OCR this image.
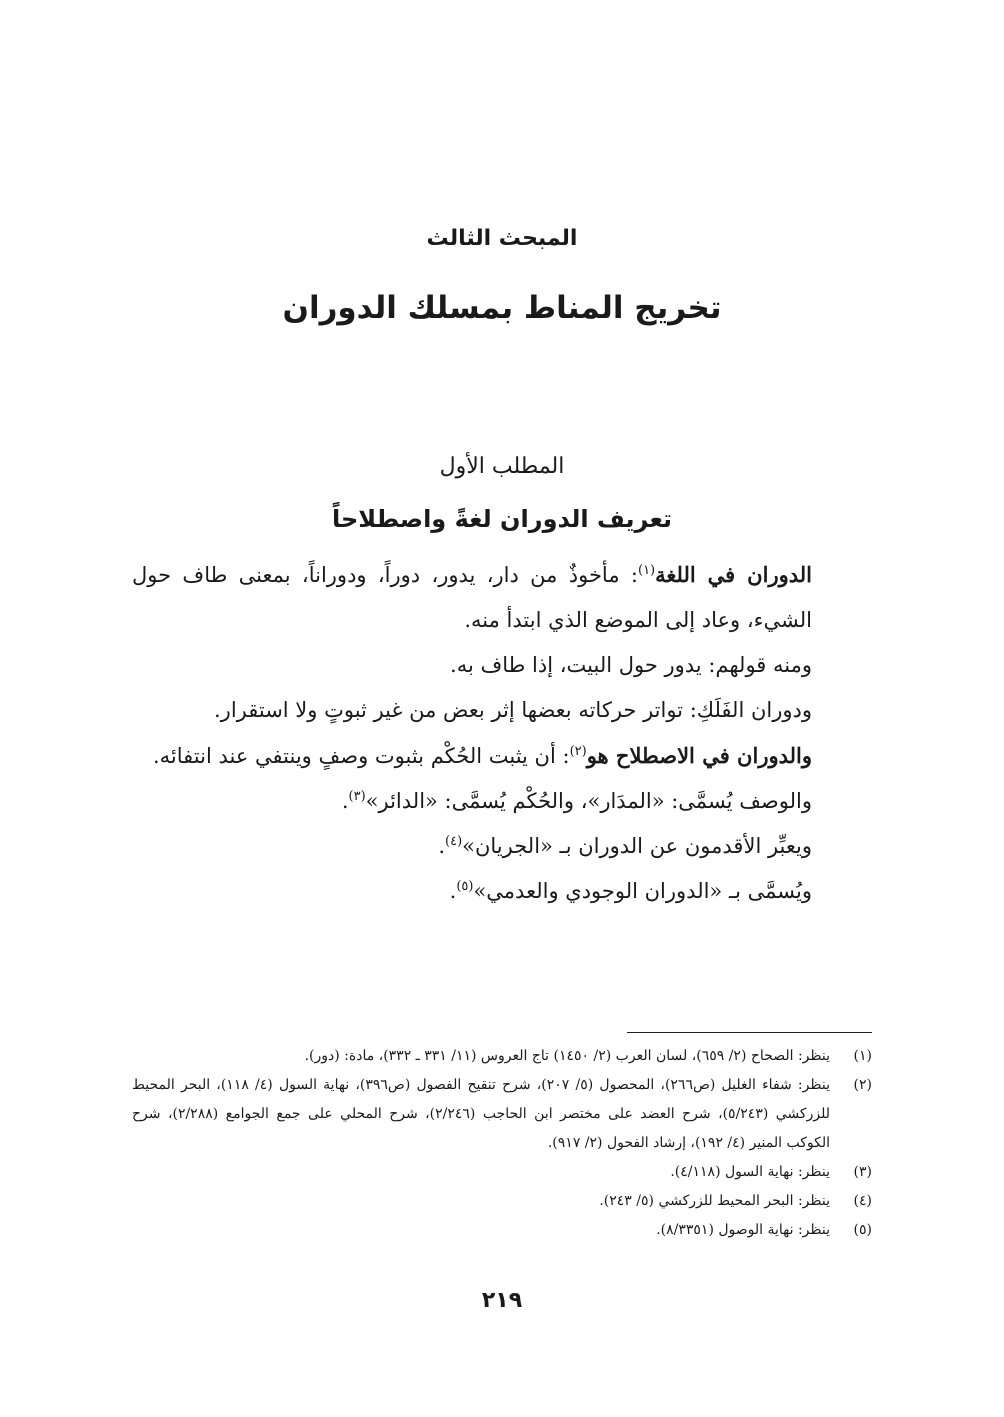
المبحث الثالث
تخريج المناط بمسلك الدوران
المطلب الأول
تعريف الدوران لغةً واصطلاحاً

الدوران في اللغة$^{(١)}$: مأخوذٌ من دار، يدور، دوراً، ودوراناً، بمعنى طاف حول الشيء، وعاد إلى الموضع الذي ابتدأ منه.

ومنه قولهم: يدور حول البيت، إذا طاف به.

ودوران الفَلَكِ: تواتر حركاته بعضها إثر بعض من غير ثبوتٍ ولا استقرار.

والدوران في الاصطلاح هو$^{(٢)}$: أن يثبت الحُكْم بثبوت وصفٍ وينتفي عند انتفائه.

والوصف يُسمَّى: «المدَار»، والحُكْم يُسمَّى: «الدائر»$^{(٣)}$.

ويعبِّر الأقدمون عن الدوران بـ «الجريان»$^{(٤)}$.

ويُسمَّى بـ «الدوران الوجودي والعدمي»$^{(٥)}$.

(١)
ينظر: الصحاح (٢/ ٦٥٩)، لسان العرب (٢/ ١٤٥٠) تاج العروس (١١/ ٣٣١ ـ ٣٣٢)، مادة: (دور).
(٢)
ينظر: شفاء الغليل (ص٢٦٦)، المحصول (٥/ ٢٠٧)، شرح تنقيح الفصول (ص٣٩٦)، نهاية السول (٤/ ١١٨)، البحر المحيط للزركشي (٥/٢٤٣)، شرح العضد على مختصر ابن الحاجب (٢/٢٤٦)، شرح المحلي على جمع الجوامع (٢/٢٨٨)، شرح الكوكب المنير (٤/ ١٩٢)، إرشاد الفحول (٢/ ٩١٧).
(٣)
ينظر: نهاية السول (٤/١١٨).
(٤)
ينظر: البحر المحيط للزركشي (٥/ ٢٤٣).
(٥)
ينظر: نهاية الوصول (٨/٣٣٥١).
٢١٩
